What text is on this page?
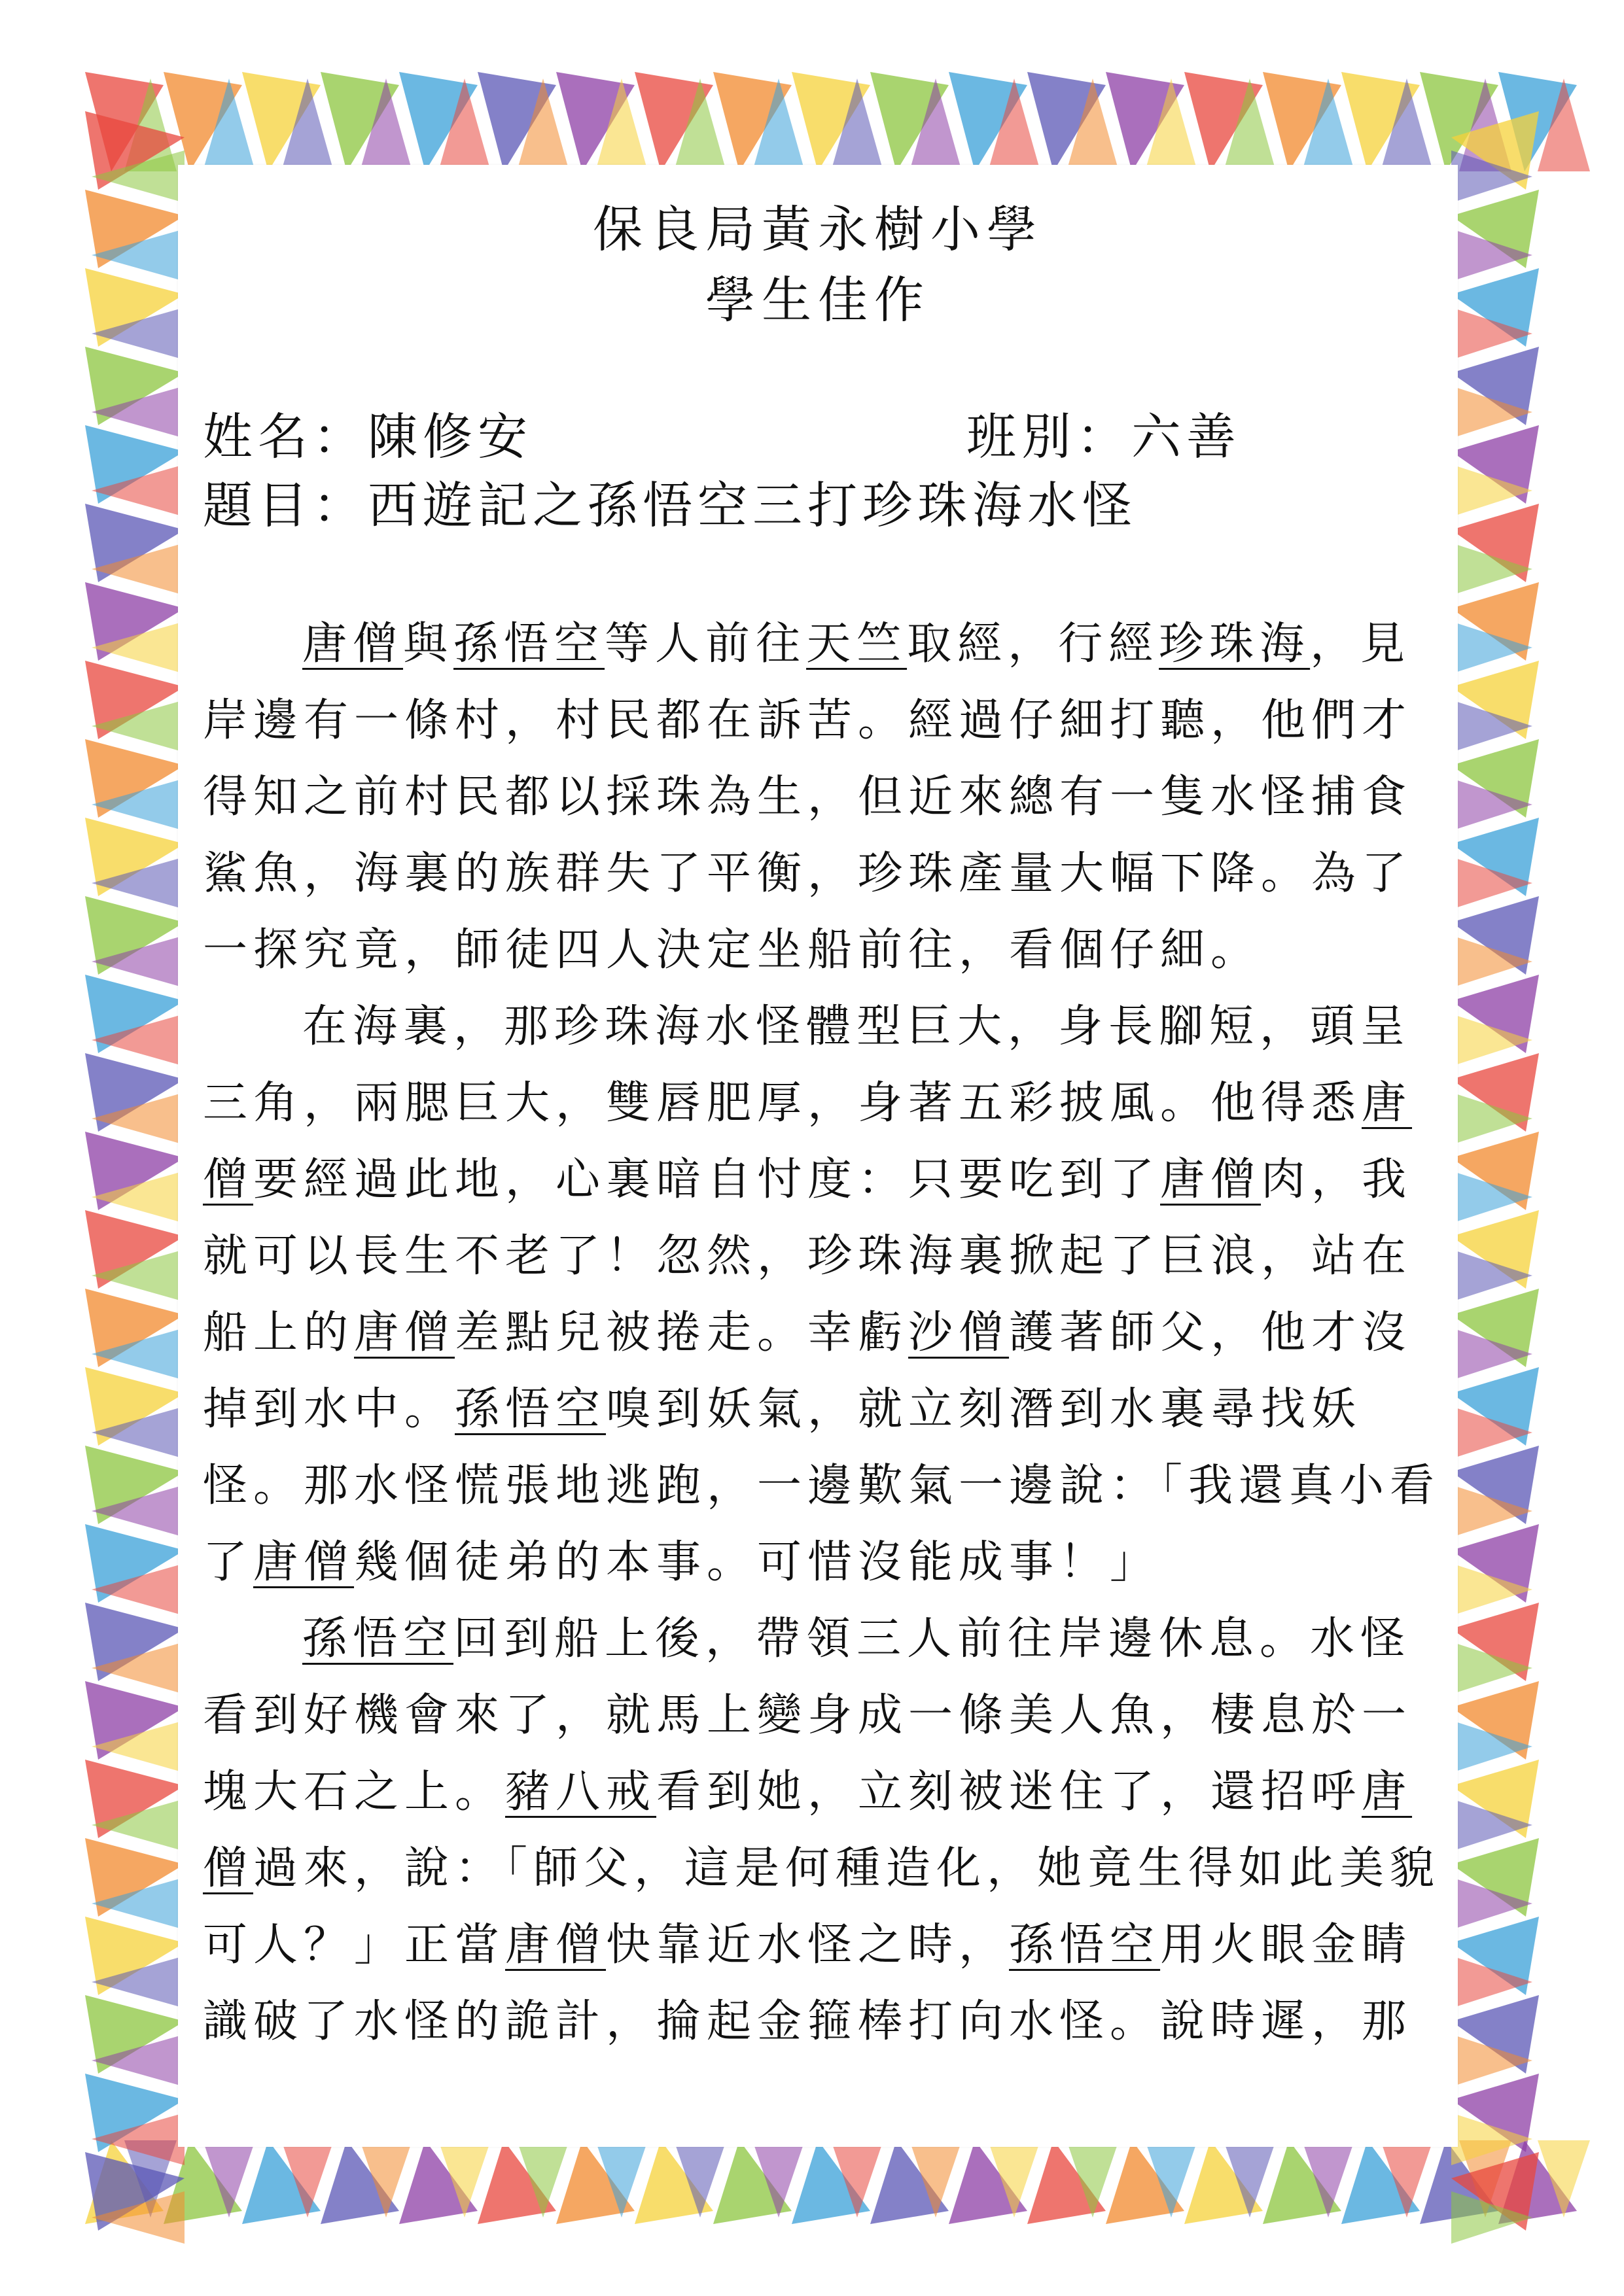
保良局黃永樹小學
學生佳作
姓名：陳修安	班別：六善
題目：西遊記之孫悟空三打珍珠海水怪
唐僧與孫悟空等人前往天竺取經，行經珍珠海，見
岸邊有一條村，村民都在訴苦。經過仔細打聽，他們才
得知之前村民都以採珠為生，但近來總有一隻水怪捕食
鯊魚，海裏的族群失了平衡，珍珠產量大幅下降。為了
一探究竟，師徒四人決定坐船前往，看個仔細。
在海裏，那珍珠海水怪體型巨大，身長腳短，頭呈
三角，兩腮巨大，雙唇肥厚，身著五彩披風。他得悉唐
僧要經過此地，心裏暗自忖度：只要吃到了唐僧肉，我
就可以長生不老了！忽然，珍珠海裏掀起了巨浪，站在
船上的唐僧差點兒被捲走。幸虧沙僧護著師父，他才沒
掉到水中。孫悟空嗅到妖氣，就立刻潛到水裏尋找妖
怪。那水怪慌張地逃跑，一邊歎氣一邊說：「我還真小看
了唐僧幾個徒弟的本事。可惜沒能成事！」
孫悟空回到船上後，帶領三人前往岸邊休息。水怪
看到好機會來了，就馬上變身成一條美人魚，棲息於一
塊大石之上。豬八戒看到她，立刻被迷住了，還招呼唐
僧過來，說：「師父，這是何種造化，她竟生得如此美貌
可人？」正當唐僧快靠近水怪之時，孫悟空用火眼金睛
識破了水怪的詭計，掄起金箍棒打向水怪。說時遲，那
